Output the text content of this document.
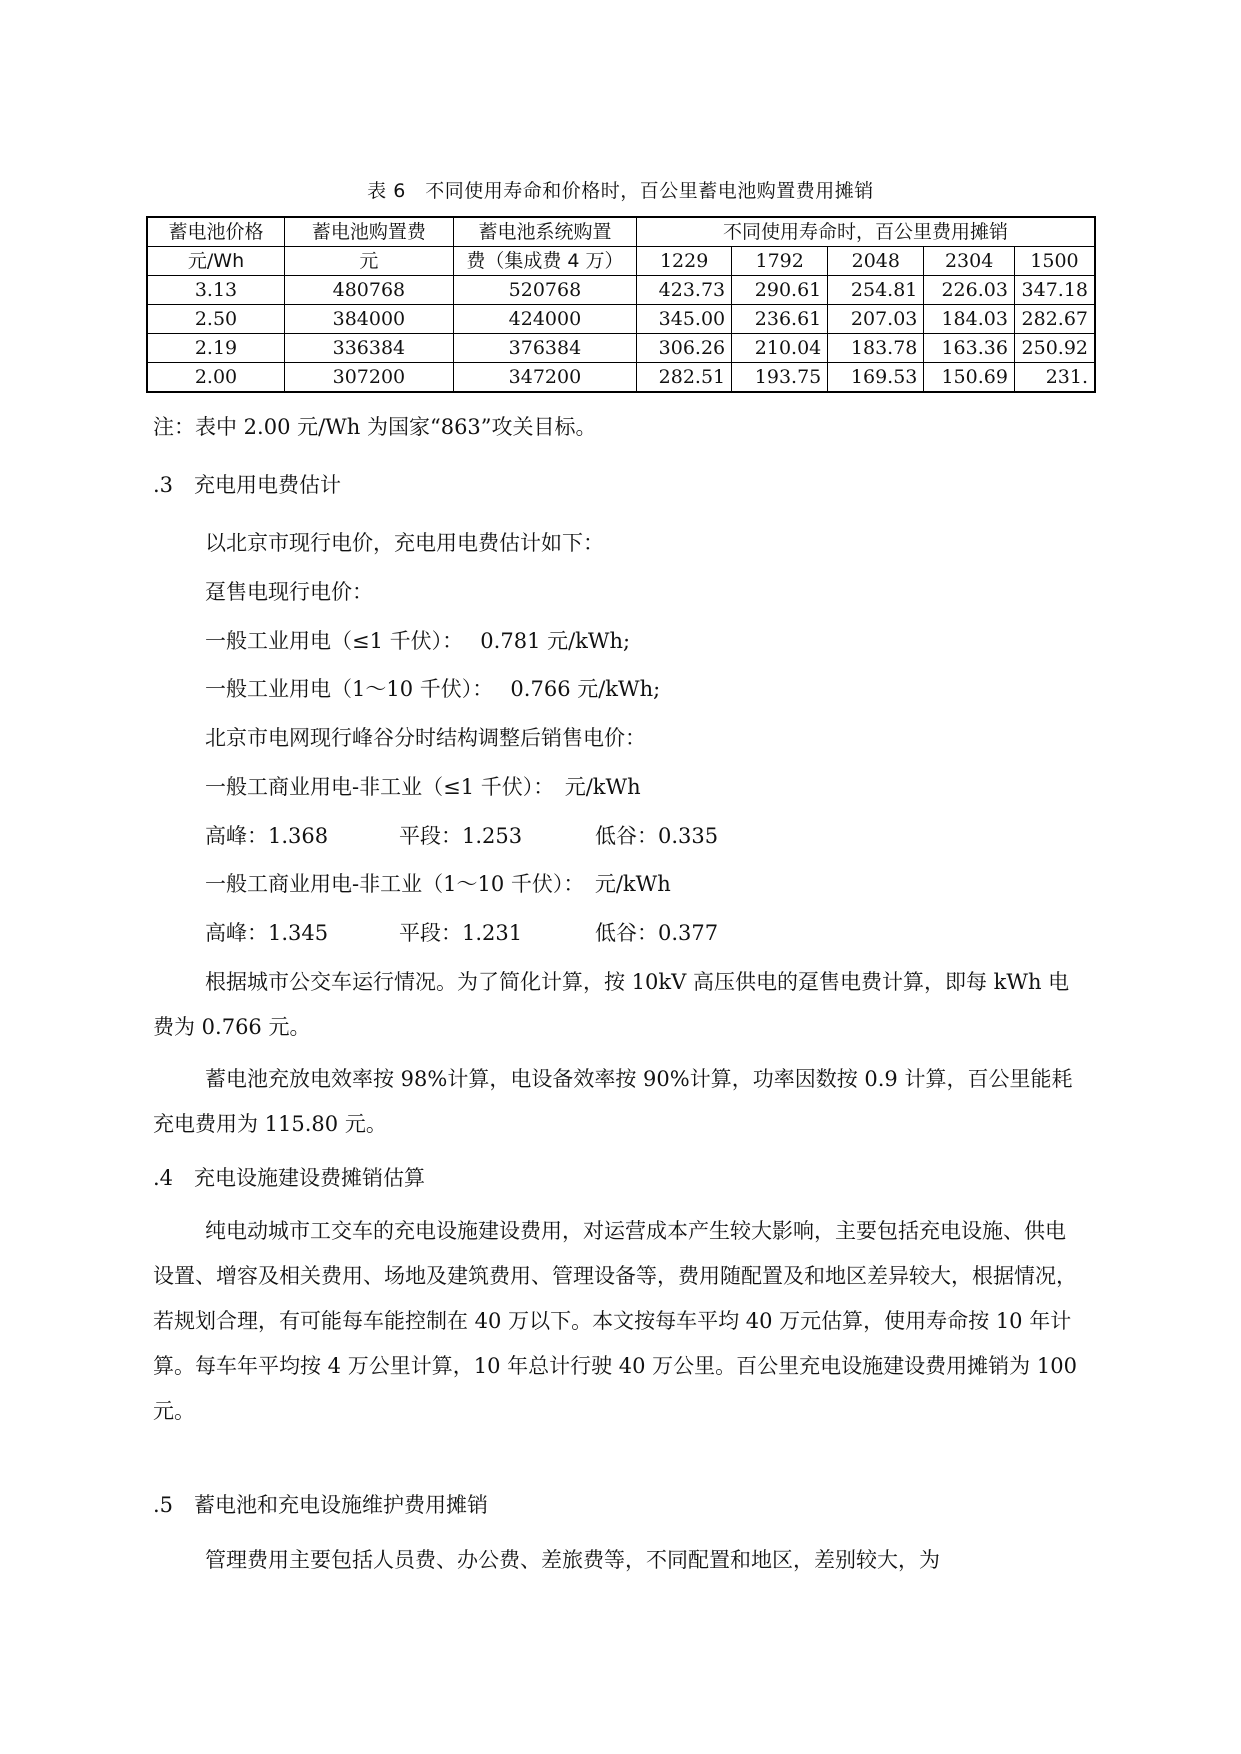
表 6　不同使用寿命和价格时，百公里蓄电池购置费用摊销
蓄电池价格	蓄电池购置费	蓄电池系统购置	不同使用寿命时，百公里费用摊销				
元/Wh	元	费（集成费 4 万）	1229	1792	2048	2304	1500
3.13	480768	520768	423.73	290.61	254.81	226.03	347.18
2.50	384000	424000	345.00	236.61	207.03	184.03	282.67
2.19	336384	376384	306.26	210.04	183.78	163.36	250.92
2.00	307200	347200	282.51	193.75	169.53	150.69	231.
注：表中 2.00 元/Wh 为国家“863”攻关目标。
.3　充电用电费估计
以北京市现行电价，充电用电费估计如下：
趸售电现行电价：
一般工业用电（≤1 千伏）：　 0.781 元/kWh;
一般工业用电（1～10 千伏）：　 0.766 元/kWh;
北京市电网现行峰谷分时结构调整后销售电价：
一般工商业用电-非工业（≤1 千伏）：　元/kWh
高峰：1.368	平段：1.253	低谷：0.335
一般工商业用电-非工业（1～10 千伏）：　元/kWh
高峰：1.345	平段：1.231	低谷：0.377
根据城市公交车运行情况。为了简化计算，按 10kV 高压供电的趸售电费计算，即每 kWh 电费为 0.766 元。
蓄电池充放电效率按 98%计算，电设备效率按 90%计算，功率因数按 0.9 计算，百公里能耗充电费用为 115.80 元。
.4　充电设施建设费摊销估算
纯电动城市工交车的充电设施建设费用，对运营成本产生较大影响，主要包括充电设施、供电设置、增容及相关费用、场地及建筑费用、管理设备等，费用随配置及和地区差异较大，根据情况，若规划合理，有可能每车能控制在 40 万以下。本文按每车平均 40 万元估算，使用寿命按 10 年计算。每车年平均按 4 万公里计算，10 年总计行驶 40 万公里。百公里充电设施建设费用摊销为 100 元。
.5　蓄电池和充电设施维护费用摊销
管理费用主要包括人员费、办公费、差旅费等，不同配置和地区，差别较大，为
